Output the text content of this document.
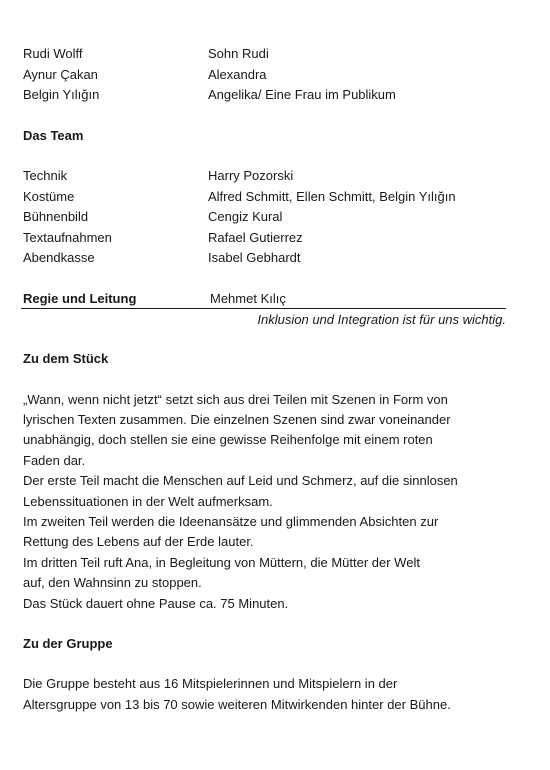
Rudi Wolff	Sohn Rudi
Aynur Çakan	Alexandra
Belgin Yılığın	Angelika/ Eine Frau im Publikum
Das Team
Technik	Harry Pozorski
Kostüme	Alfred Schmitt, Ellen Schmitt, Belgin Yılığın
Bühnenbild	Cengiz Kural
Textaufnahmen	Rafael Gutierrez
Abendkasse	Isabel Gebhardt
Regie und Leitung	Mehmet Kılıç
Inklusion und Integration ist für uns wichtig.
Zu dem Stück
„Wann, wenn nicht jetzt“ setzt sich aus drei Teilen mit Szenen in Form von
lyrischen Texten zusammen. Die einzelnen Szenen sind zwar voneinander
unabhängig, doch stellen sie eine gewisse Reihenfolge mit einem roten
Faden dar.
Der erste Teil macht die Menschen auf Leid und Schmerz, auf die sinnlosen
Lebenssituationen in der Welt aufmerksam.
Im zweiten Teil werden die Ideenansätze und glimmenden Absichten zur
Rettung des Lebens auf der Erde lauter.
Im dritten Teil ruft Ana, in Begleitung von Müttern, die Mütter der Welt
auf, den Wahnsinn zu stoppen.
Das Stück dauert ohne Pause ca. 75 Minuten.
Zu der Gruppe
Die Gruppe besteht aus 16 Mitspielerinnen und Mitspielern in der
Altersgruppe von 13 bis 70 sowie weiteren Mitwirkenden hinter der Bühne.
